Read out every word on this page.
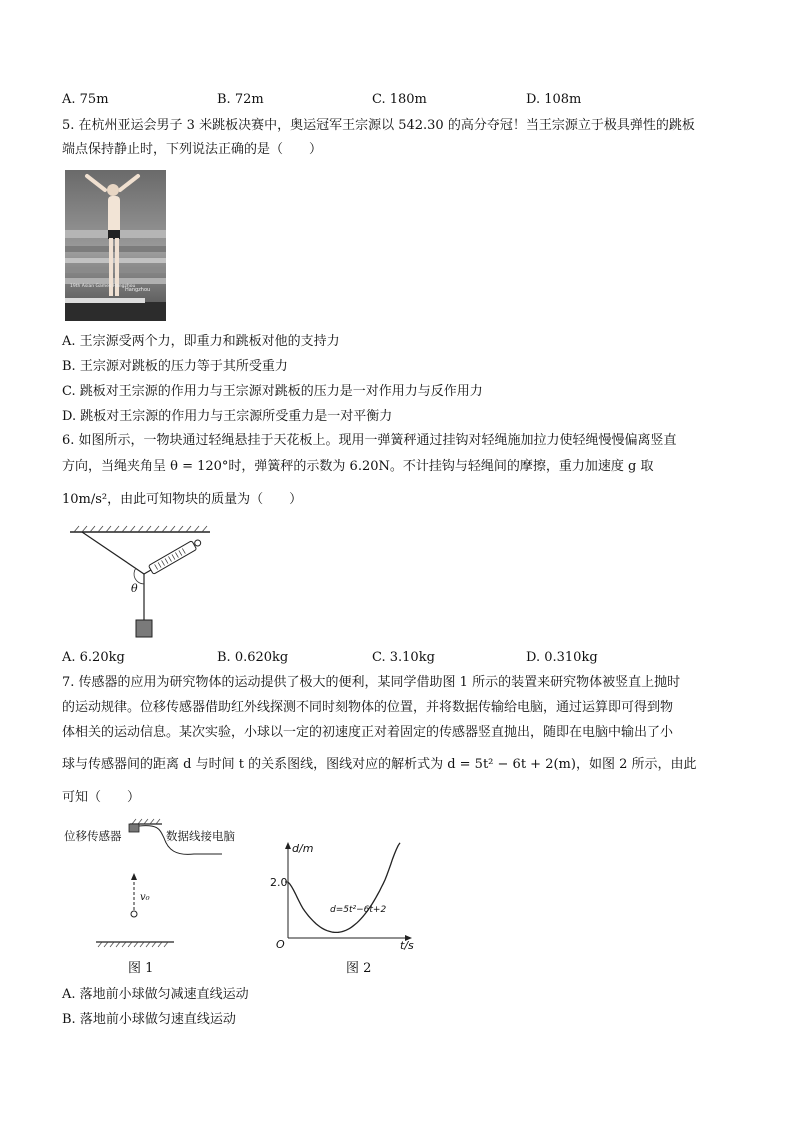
A. 75m	B. 72m	C. 180m	D. 108m
5. 在杭州亚运会男子 3 米跳板决赛中，奥运冠军王宗源以 542.30 的高分夺冠！当王宗源立于极具弹性的跳板
端点保持静止时，下列说法正确的是（　　）
19th Asian Games Hangzhou
Hangzhou
A. 王宗源受两个力，即重力和跳板对他的支持力
B. 王宗源对跳板的压力等于其所受重力
C. 跳板对王宗源的作用力与王宗源对跳板的压力是一对作用力与反作用力
D. 跳板对王宗源的作用力与王宗源所受重力是一对平衡力
6. 如图所示，一物块通过轻绳悬挂于天花板上。现用一弹簧秤通过挂钩对轻绳施加拉力使轻绳慢慢偏离竖直
方向，当绳夹角呈 θ = 120°时，弹簧秤的示数为 6.20N。不计挂钩与轻绳间的摩擦，重力加速度 g 取
10m/s²，由此可知物块的质量为（　　）
θ
A. 6.20kg	B. 0.620kg	C. 3.10kg	D. 0.310kg
7. 传感器的应用为研究物体的运动提供了极大的便利，某同学借助图 1 所示的装置来研究物体被竖直上抛时
的运动规律。位移传感器借助红外线探测不同时刻物体的位置，并将数据传输给电脑，通过运算即可得到物
体相关的运动信息。某次实验，小球以一定的初速度正对着固定的传感器竖直抛出，随即在电脑中输出了小
球与传感器间的距离 d 与时间 t 的关系图线，图线对应的解析式为 d = 5t² − 6t + 2(m)，如图 2 所示，由此
可知（　　）
位移传感器	数据线接电脑
v₀
图 1
d/m
t/s
O
2.0
d=5t²−6t+2
图 2
A. 落地前小球做匀减速直线运动
B. 落地前小球做匀速直线运动
